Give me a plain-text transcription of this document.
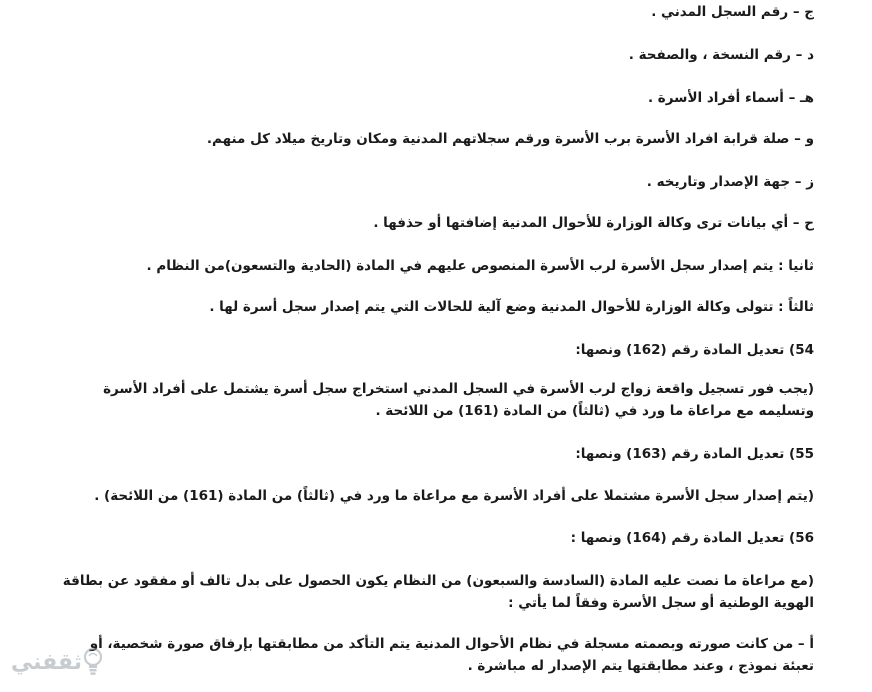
ج – رقم السجل المدني .

د – رقم النسخة ، والصفحة .

هـ – أسماء أفراد الأسرة .

و – صلة قرابة افراد الأسرة برب الأسرة ورقم سجلاتهم المدنية ومكان وتاريخ ميلاد كل منهم.

ز – جهة الإصدار وتاريخه .

ح – أي بيانات ترى وكالة الوزارة للأحوال المدنية إضافتها أو حذفها .

ثانيا : يتم إصدار سجل الأسرة لرب الأسرة المنصوص عليهم في المادة (الحادية والتسعون)من النظام .

ثالثاً : تتولى وكالة الوزارة للأحوال المدنية وضع آلية للحالات التي يتم إصدار سجل أسرة لها .

54) تعديل المادة رقم (162) ونصها:

(يجب فور تسجيل واقعة زواج لرب الأسرة في السجل المدني استخراج سجل أسرة يشتمل على أفراد الأسرة وتسليمه مع مراعاة ما ورد في (ثالثاً) من المادة (161) من اللائحة .

55) تعديل المادة رقم (163) ونصها:

(يتم إصدار سجل الأسرة مشتملا على أفراد الأسرة مع مراعاة ما ورد في (ثالثاً) من المادة (161) من اللائحة) .

56) تعديل المادة رقم (164) ونصها :

(مع مراعاة ما نصت عليه المادة (السادسة والسبعون) من النظام يكون الحصول على بدل تالف أو مفقود عن بطاقة الهوية الوطنية أو سجل الأسرة وفقاً لما يأتي :

أ – من كانت صورته وبصمته مسجلة في نظام الأحوال المدنية يتم التأكد من مطابقتها بإرفاق صورة شخصية، أو تعبئة نموذج ، وعند مطابقتها يتم الإصدار له مباشرة .

ثقفني
